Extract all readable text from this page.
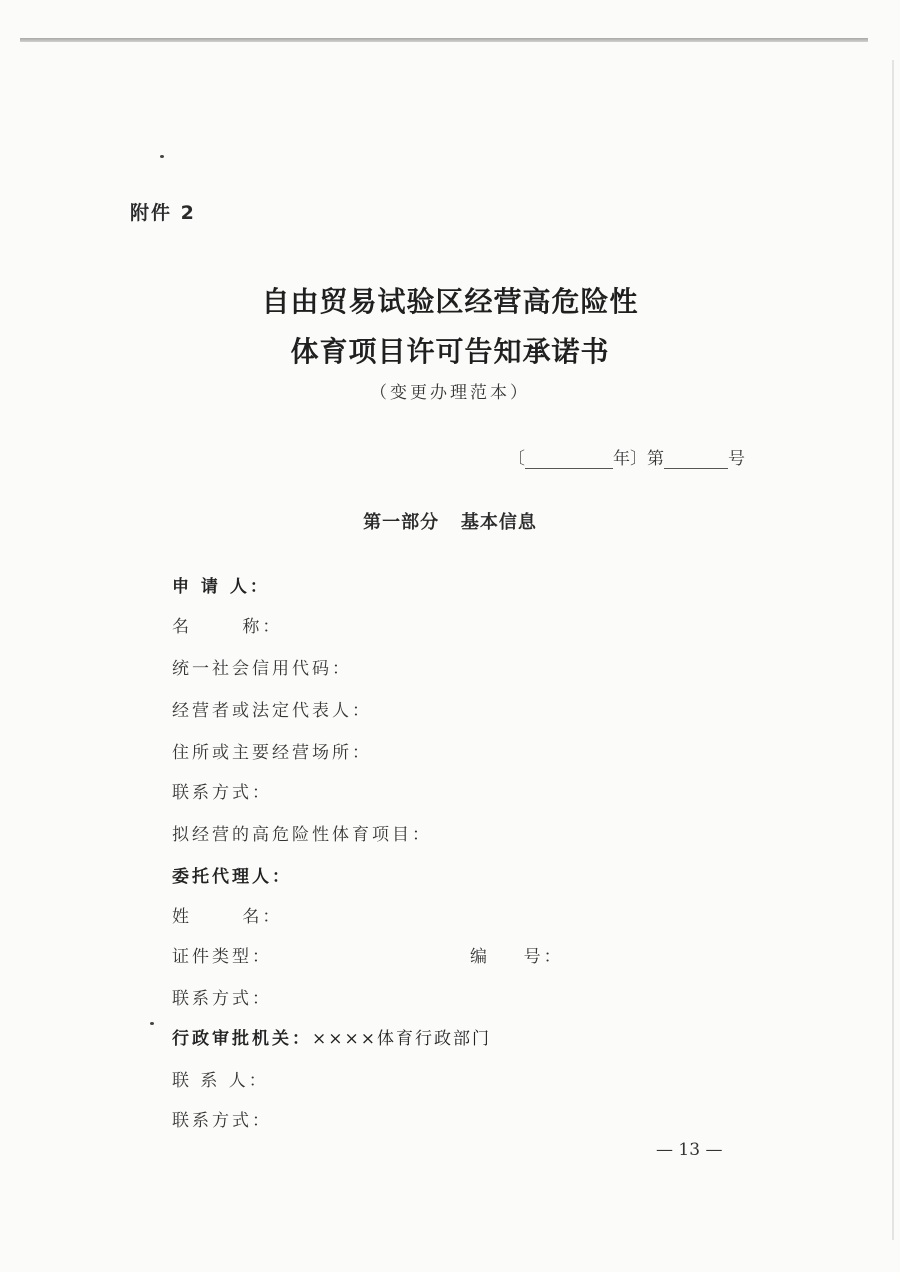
附件 2
自由贸易试验区经营高危险性
体育项目许可告知承诺书
（变更办理范本）
〔	年〕第	号
第一部分   基本信息
申 请 人：
名      称：
统一社会信用代码：
经营者或法定代表人：
住所或主要经营场所：
联系方式：
拟经营的高危险性体育项目：
委托代理人：
姓      名：
证件类型：	编    号：
联系方式：
行政审批机关：××××体育行政部门
联 系 人：
联系方式：
— 13 —
